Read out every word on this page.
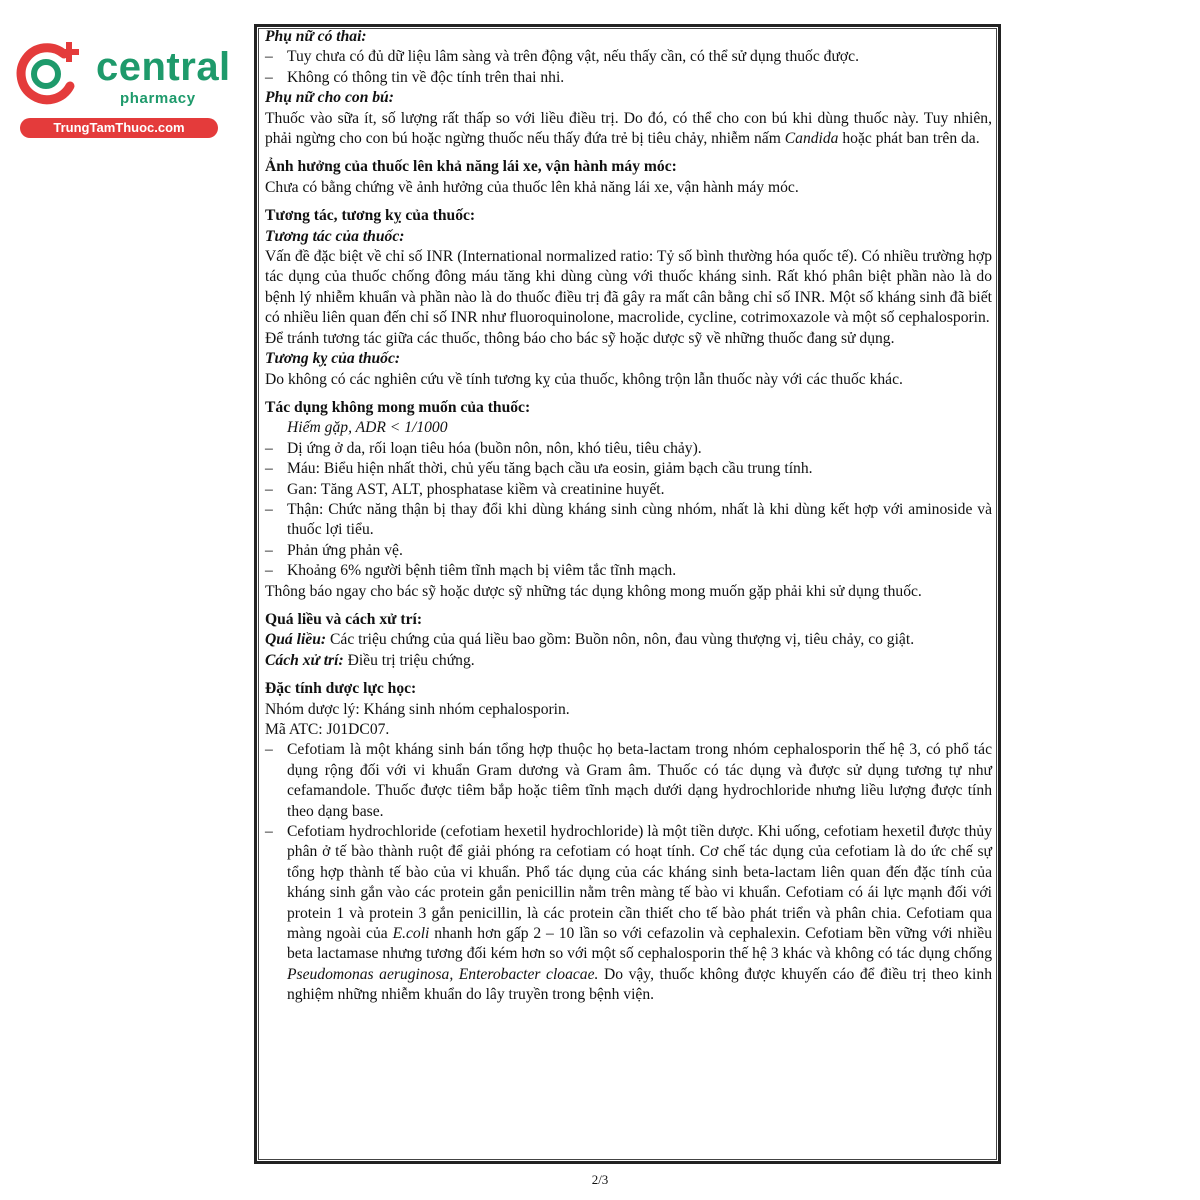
central
pharmacy
TrungTamThuoc.com

Phụ nữ có thai:

– Tuy chưa có đủ dữ liệu lâm sàng và trên động vật, nếu thấy cần, có thể sử dụng thuốc được.

– Không có thông tin về độc tính trên thai nhi.

Phụ nữ cho con bú:

Thuốc vào sữa ít, số lượng rất thấp so với liều điều trị. Do đó, có thể cho con bú khi dùng thuốc này. Tuy nhiên, phải ngừng cho con bú hoặc ngừng thuốc nếu thấy đứa trẻ bị tiêu chảy, nhiễm nấm Candida hoặc phát ban trên da.

Ảnh hưởng của thuốc lên khả năng lái xe, vận hành máy móc:

Chưa có bằng chứng về ảnh hưởng của thuốc lên khả năng lái xe, vận hành máy móc.

Tương tác, tương kỵ của thuốc:

Tương tác của thuốc:

Vấn đề đặc biệt về chỉ số INR (International normalized ratio: Tỷ số bình thường hóa quốc tế). Có nhiều trường hợp tác dụng của thuốc chống đông máu tăng khi dùng cùng với thuốc kháng sinh. Rất khó phân biệt phần nào là do bệnh lý nhiễm khuẩn và phần nào là do thuốc điều trị đã gây ra mất cân bằng chỉ số INR. Một số kháng sinh đã biết có nhiều liên quan đến chỉ số INR như fluoroquinolone, macrolide, cycline, cotrimoxazole và một số cephalosporin.

Để tránh tương tác giữa các thuốc, thông báo cho bác sỹ hoặc dược sỹ về những thuốc đang sử dụng.

Tương kỵ của thuốc:

Do không có các nghiên cứu về tính tương kỵ của thuốc, không trộn lẫn thuốc này với các thuốc khác.

Tác dụng không mong muốn của thuốc:

Hiếm gặp, ADR < 1/1000

– Dị ứng ở da, rối loạn tiêu hóa (buồn nôn, nôn, khó tiêu, tiêu chảy).

– Máu: Biểu hiện nhất thời, chủ yếu tăng bạch cầu ưa eosin, giảm bạch cầu trung tính.

– Gan: Tăng AST, ALT, phosphatase kiềm và creatinine huyết.

– Thận: Chức năng thận bị thay đổi khi dùng kháng sinh cùng nhóm, nhất là khi dùng kết hợp với aminoside và thuốc lợi tiểu.

– Phản ứng phản vệ.

– Khoảng 6% người bệnh tiêm tĩnh mạch bị viêm tắc tĩnh mạch.

Thông báo ngay cho bác sỹ hoặc dược sỹ những tác dụng không mong muốn gặp phải khi sử dụng thuốc.

Quá liều và cách xử trí:

Quá liều: Các triệu chứng của quá liều bao gồm: Buồn nôn, nôn, đau vùng thượng vị, tiêu chảy, co giật.

Cách xử trí: Điều trị triệu chứng.

Đặc tính dược lực học:

Nhóm dược lý: Kháng sinh nhóm cephalosporin.

Mã ATC: J01DC07.

– Cefotiam là một kháng sinh bán tổng hợp thuộc họ beta-lactam trong nhóm cephalosporin thế hệ 3, có phổ tác dụng rộng đối với vi khuẩn Gram dương và Gram âm. Thuốc có tác dụng và được sử dụng tương tự như cefamandole. Thuốc được tiêm bắp hoặc tiêm tĩnh mạch dưới dạng hydrochloride nhưng liều lượng được tính theo dạng base.

– Cefotiam hydrochloride (cefotiam hexetil hydrochloride) là một tiền dược. Khi uống, cefotiam hexetil được thủy phân ở tế bào thành ruột để giải phóng ra cefotiam có hoạt tính. Cơ chế tác dụng của cefotiam là do ức chế sự tổng hợp thành tế bào của vi khuẩn. Phổ tác dụng của các kháng sinh beta-lactam liên quan đến đặc tính của kháng sinh gắn vào các protein gắn penicillin nằm trên màng tế bào vi khuẩn. Cefotiam có ái lực mạnh đối với protein 1 và protein 3 gắn penicillin, là các protein cần thiết cho tế bào phát triển và phân chia. Cefotiam qua màng ngoài của E.coli nhanh hơn gấp 2 – 10 lần so với cefazolin và cephalexin. Cefotiam bền vững với nhiều beta lactamase nhưng tương đối kém hơn so với một số cephalosporin thế hệ 3 khác và không có tác dụng chống Pseudomonas aeruginosa, Enterobacter cloacae. Do vậy, thuốc không được khuyến cáo để điều trị theo kinh nghiệm những nhiễm khuẩn do lây truyền trong bệnh viện.

2/3
